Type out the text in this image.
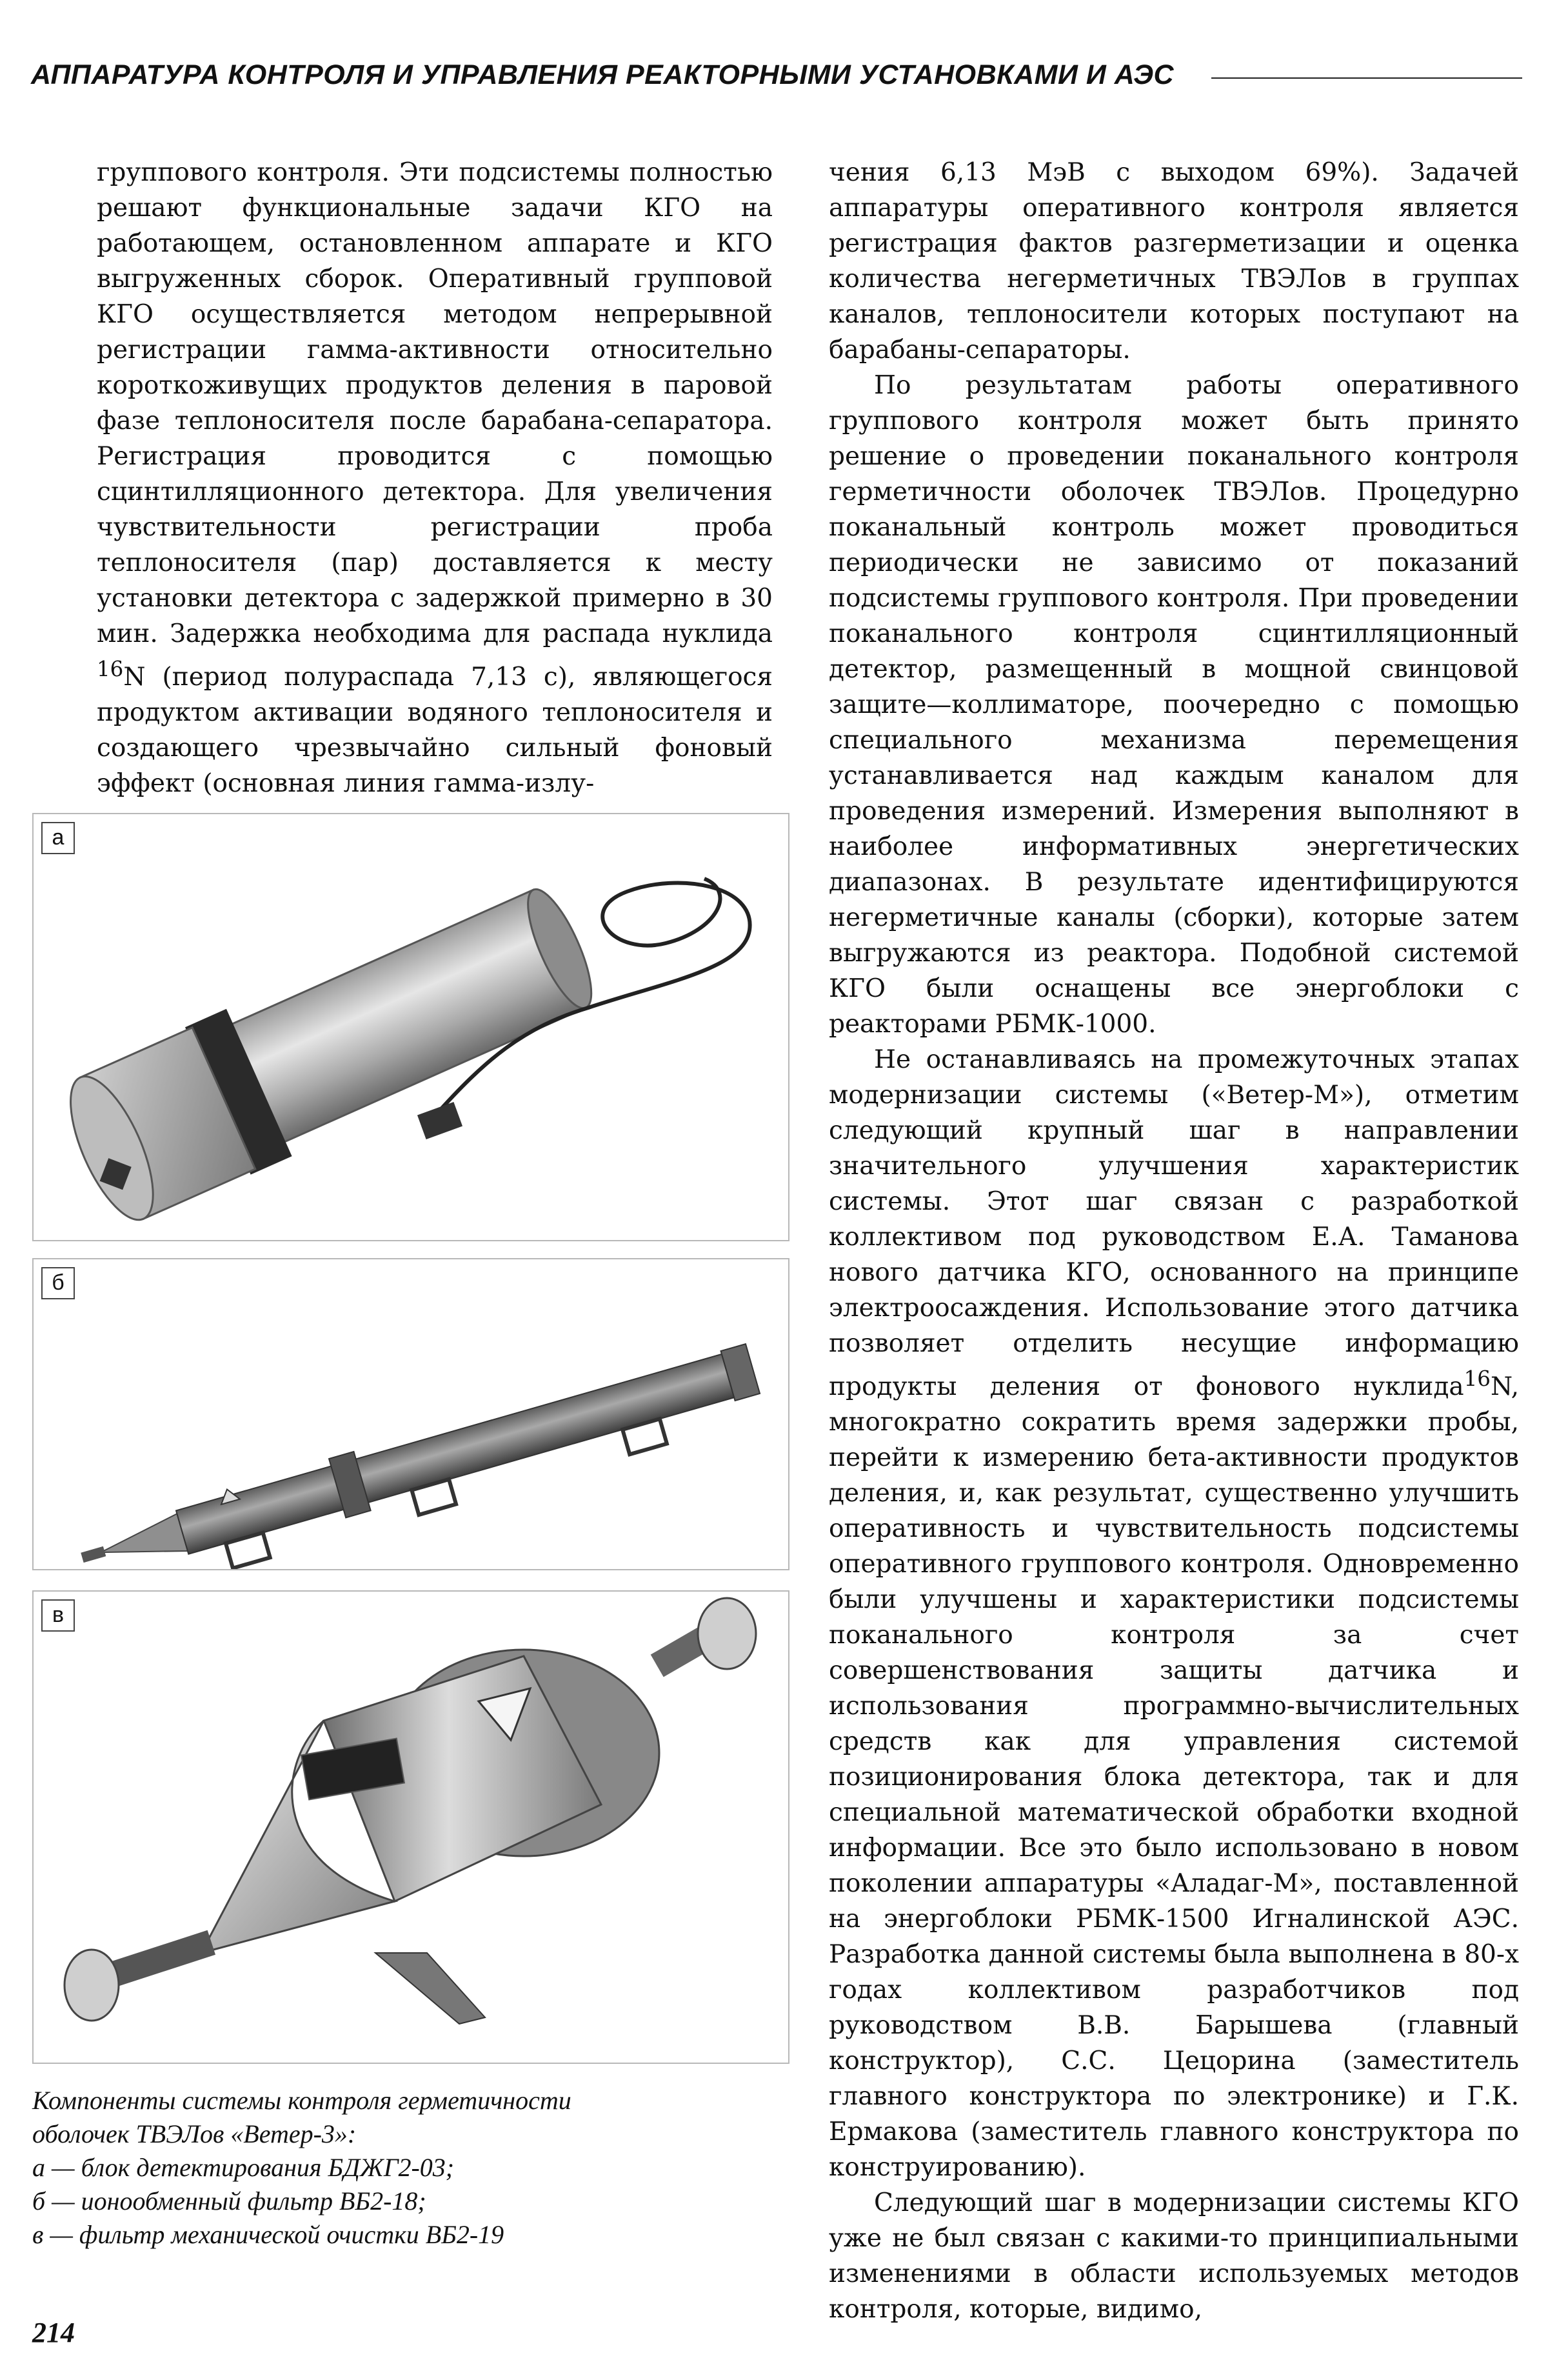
АППАРАТУРА КОНТРОЛЯ И УПРАВЛЕНИЯ РЕАКТОРНЫМИ УСТАНОВКАМИ И АЭС

группового контроля. Эти подсистемы полностью решают функциональные задачи КГО на работающем, остановленном аппарате и КГО выгруженных сборок. Оперативный групповой КГО осуществляется методом непрерывной регистрации гамма-активности относительно короткоживущих продуктов деления в паровой фазе теплоносителя после барабана-сепаратора. Регистрация проводится с помощью сцинтилляционного детектора. Для увеличения чувствительности регистрации проба теплоносителя (пар) доставляется к месту установки детектора с задержкой примерно в 30 мин. Задержка необходима для распада нуклида $^{16}$N (период полураспада 7,13 с), являющегося продуктом активации водяного теплоносителя и создающего чрезвычайно сильный фоновый эффект (основная линия гамма-излу-

а
б
в
Компоненты системы контроля герметичности
оболочек ТВЭЛов «Ветер-3»:
а — блок детектирования БДЖГ2-03;
б — ионообменный фильтр ВБ2-18;
в — фильтр механической очистки ВБ2-19

чения 6,13 МэВ с выходом 69%). Задачей аппаратуры оперативного контроля является регистрация фактов разгерметизации и оценка количества негерметичных ТВЭЛов в группах каналов, теплоносители которых поступают на барабаны-сепараторы.

По результатам работы оперативного группового контроля может быть принято решение о проведении поканального контроля герметичности оболочек ТВЭЛов. Процедурно поканальный контроль может проводиться периодически не зависимо от показаний подсистемы группового контроля. При проведении поканального контроля сцинтилляционный детектор, размещенный в мощной свинцовой защите—коллиматоре, поочередно с помощью специального механизма перемещения устанавливается над каждым каналом для проведения измерений. Измерения выполняют в наиболее информативных энергетических диапазонах. В результате идентифицируются негерметичные каналы (сборки), которые затем выгружаются из реактора. Подобной системой КГО были оснащены все энергоблоки с реакторами РБМК-1000.

Не останавливаясь на промежуточных этапах модернизации системы («Ветер-М»), отметим следующий крупный шаг в направлении значительного улучшения характеристик системы. Этот шаг связан с разработкой коллективом под руководством Е.А. Таманова нового датчика КГО, основанного на принципе электроосаждения. Использование этого датчика позволяет отделить несущие информацию продукты деления от фонового нуклида$^{16}$N, многократно сократить время задержки пробы, перейти к измерению бета-активности продуктов деления, и, как результат, существенно улучшить оперативность и чувствительность подсистемы оперативного группового контроля. Одновременно были улучшены и характеристики подсистемы поканального контроля за счет совершенствования защиты датчика и использования программно-вычислительных средств как для управления системой позиционирования блока детектора, так и для специальной математической обработки входной информации. Все это было использовано в новом поколении аппаратуры «Аладаг-М», поставленной на энергоблоки РБМК-1500 Игналинской АЭС. Разработка данной системы была выполнена в 80-х годах коллективом разработчиков под руководством В.В. Барышева (главный конструктор), С.С. Цецорина (заместитель главного конструктора по электронике) и Г.К. Ермакова (заместитель главного конструктора по конструированию).

Следующий шаг в модернизации системы КГО уже не был связан с какими-то принципиальными изменениями в области используемых методов контроля, которые, видимо,

214
